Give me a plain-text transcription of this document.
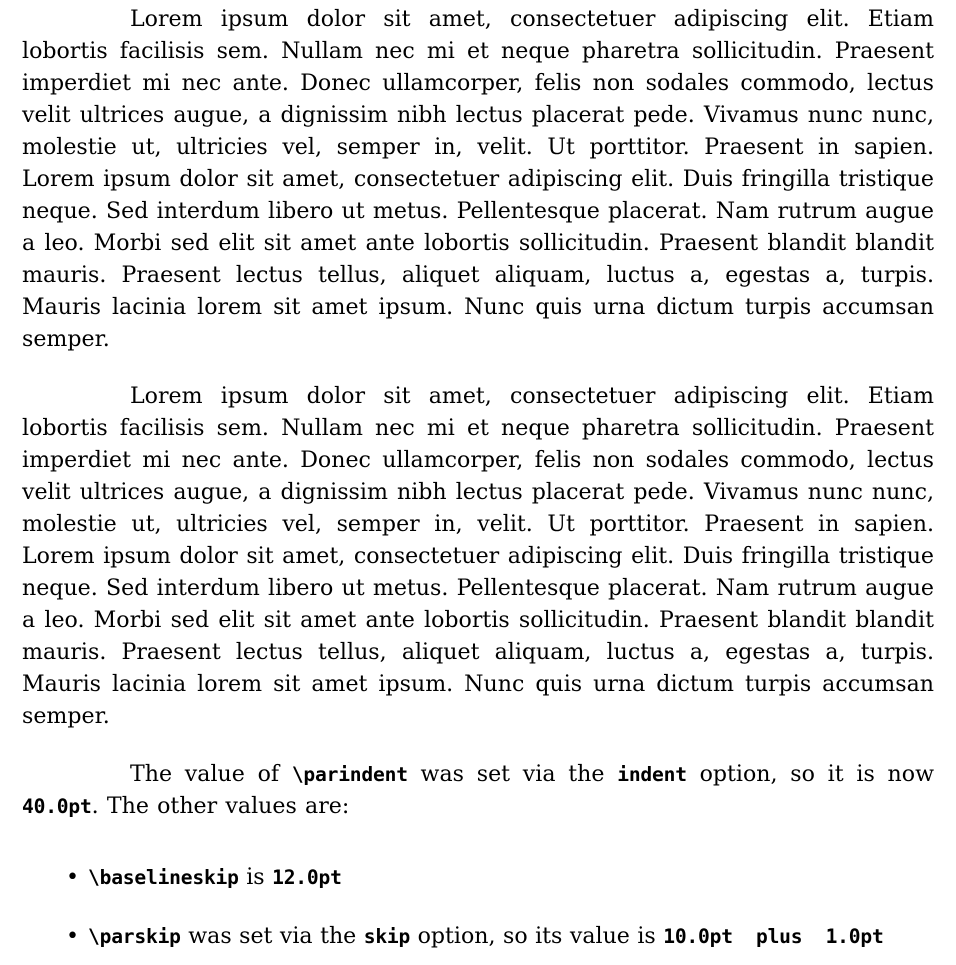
Lorem ipsum dolor sit amet, consectetuer adipiscing elit. Etiam lobortis facilisis sem. Nullam nec mi et neque pharetra sollicitudin. Praesent imperdiet mi nec ante. Donec ullamcorper, felis non sodales commodo, lectus velit ultrices augue, a dignissim nibh lectus placerat pede. Vivamus nunc nunc, molestie ut, ultricies vel, semper in, velit. Ut porttitor. Praesent in sapien. Lorem ipsum dolor sit amet, consectetuer adipiscing elit. Duis fringilla tristique neque. Sed interdum libero ut metus. Pellentesque placerat. Nam rutrum augue a leo. Morbi sed elit sit amet ante lobortis sollicitudin. Praesent blandit blandit mauris. Praesent lectus tellus, aliquet aliquam, luctus a, egestas a, turpis. Mauris lacinia lorem sit amet ipsum. Nunc quis urna dictum turpis accumsan semper.

Lorem ipsum dolor sit amet, consectetuer adipiscing elit. Etiam lobortis facilisis sem. Nullam nec mi et neque pharetra sollicitudin. Praesent imperdiet mi nec ante. Donec ullamcorper, felis non sodales commodo, lectus velit ultrices augue, a dignissim nibh lectus placerat pede. Vivamus nunc nunc, molestie ut, ultricies vel, semper in, velit. Ut porttitor. Praesent in sapien. Lorem ipsum dolor sit amet, consectetuer adipiscing elit. Duis fringilla tristique neque. Sed interdum libero ut metus. Pellentesque placerat. Nam rutrum augue a leo. Morbi sed elit sit amet ante lobortis sollicitudin. Praesent blandit blandit mauris. Praesent lectus tellus, aliquet aliquam, luctus a, egestas a, turpis. Mauris lacinia lorem sit amet ipsum. Nunc quis urna dictum turpis accumsan semper.

The value of \parindent was set via the indent option, so it is now 40.0pt. The other values are:

• \baselineskip is 12.0pt
• \parskip was set via the skip option, so its value is 10.0pt  plus  1.0pt
